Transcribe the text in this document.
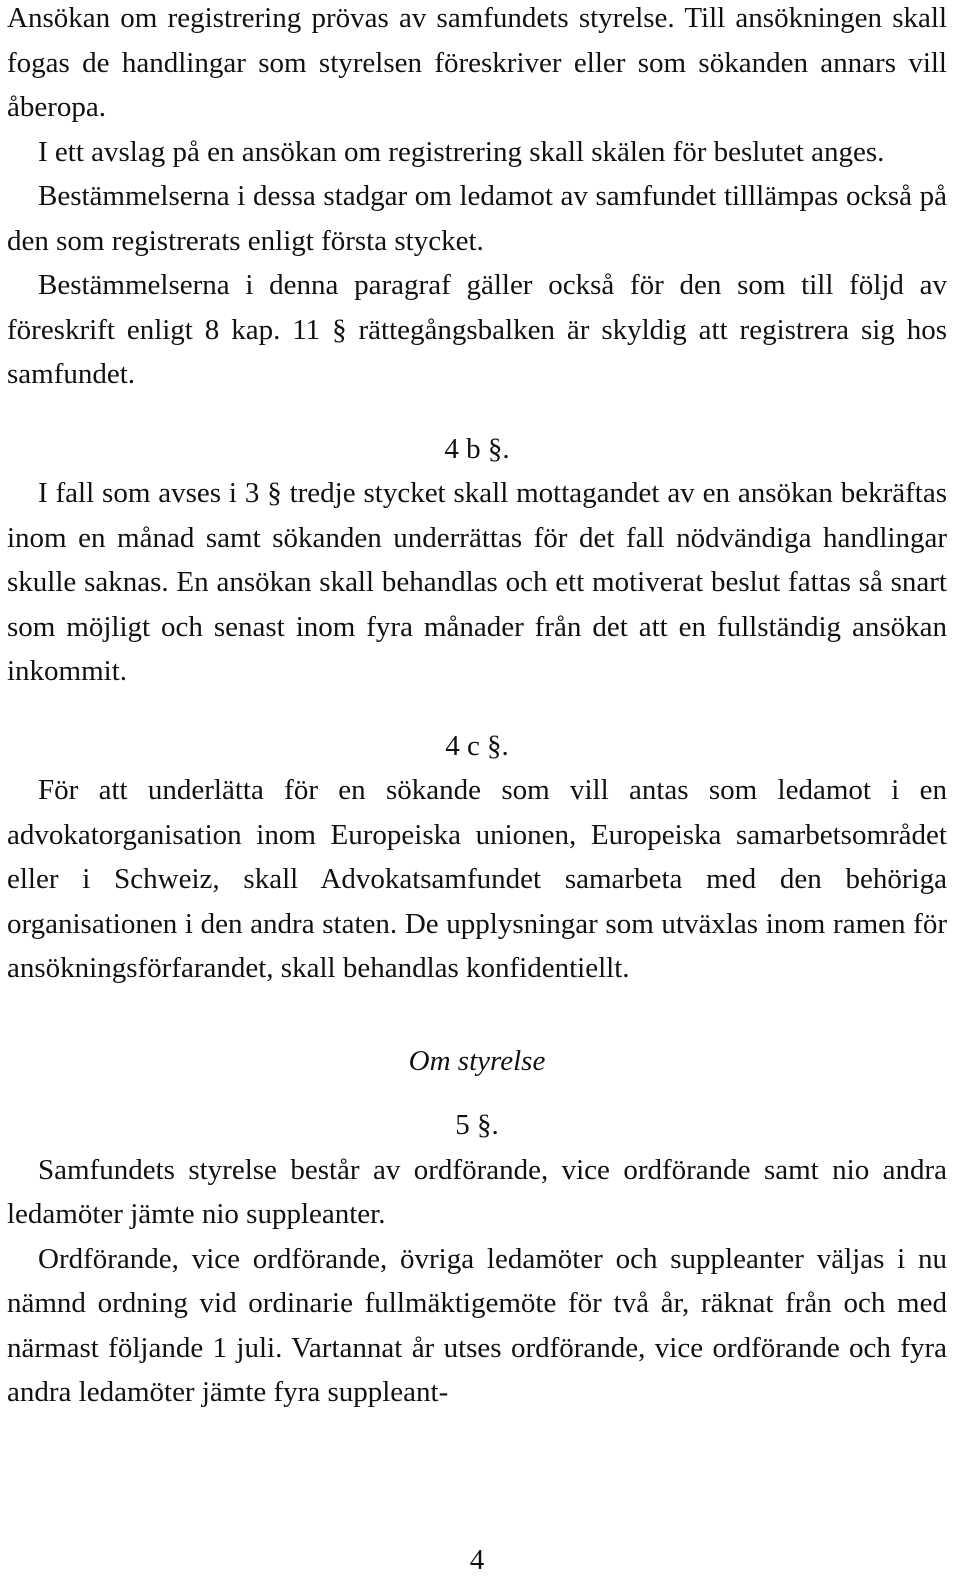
Ansökan om registrering prövas av samfundets styrelse. Till ansökningen skall fogas de handlingar som styrelsen föreskriver eller som sökanden annars vill åberopa.

I ett avslag på en ansökan om registrering skall skälen för beslutet anges.

Bestämmelserna i dessa stadgar om ledamot av samfundet tilllämpas också på den som registrerats enligt första stycket.

Bestämmelserna i denna paragraf gäller också för den som till följd av föreskrift enligt 8 kap. 11 § rättegångsbalken är skyldig att registrera sig hos samfundet.

4 b §.

I fall som avses i 3 § tredje stycket skall mottagandet av en ansökan bekräftas inom en månad samt sökanden underrättas för det fall nödvändiga handlingar skulle saknas. En ansökan skall behandlas och ett motiverat beslut fattas så snart som möjligt och senast inom fyra månader från det att en fullständig ansökan inkommit.

4 c §.

För att underlätta för en sökande som vill antas som ledamot i en advokatorganisation inom Europeiska unionen, Europeiska samarbetsområdet eller i Schweiz, skall Advokatsamfundet samarbeta med den behöriga organisationen i den andra staten. De upplysningar som utväxlas inom ramen för ansökningsförfarandet, skall behandlas konfidentiellt.

Om styrelse

5 §.

Samfundets styrelse består av ordförande, vice ordförande samt nio andra ledamöter jämte nio suppleanter.

Ordförande, vice ordförande, övriga ledamöter och suppleanter väljas i nu nämnd ordning vid ordinarie fullmäktigemöte för två år, räknat från och med närmast följande 1 juli. Vartannat år utses ordförande, vice ordförande och fyra andra ledamöter jämte fyra suppleant-

4
